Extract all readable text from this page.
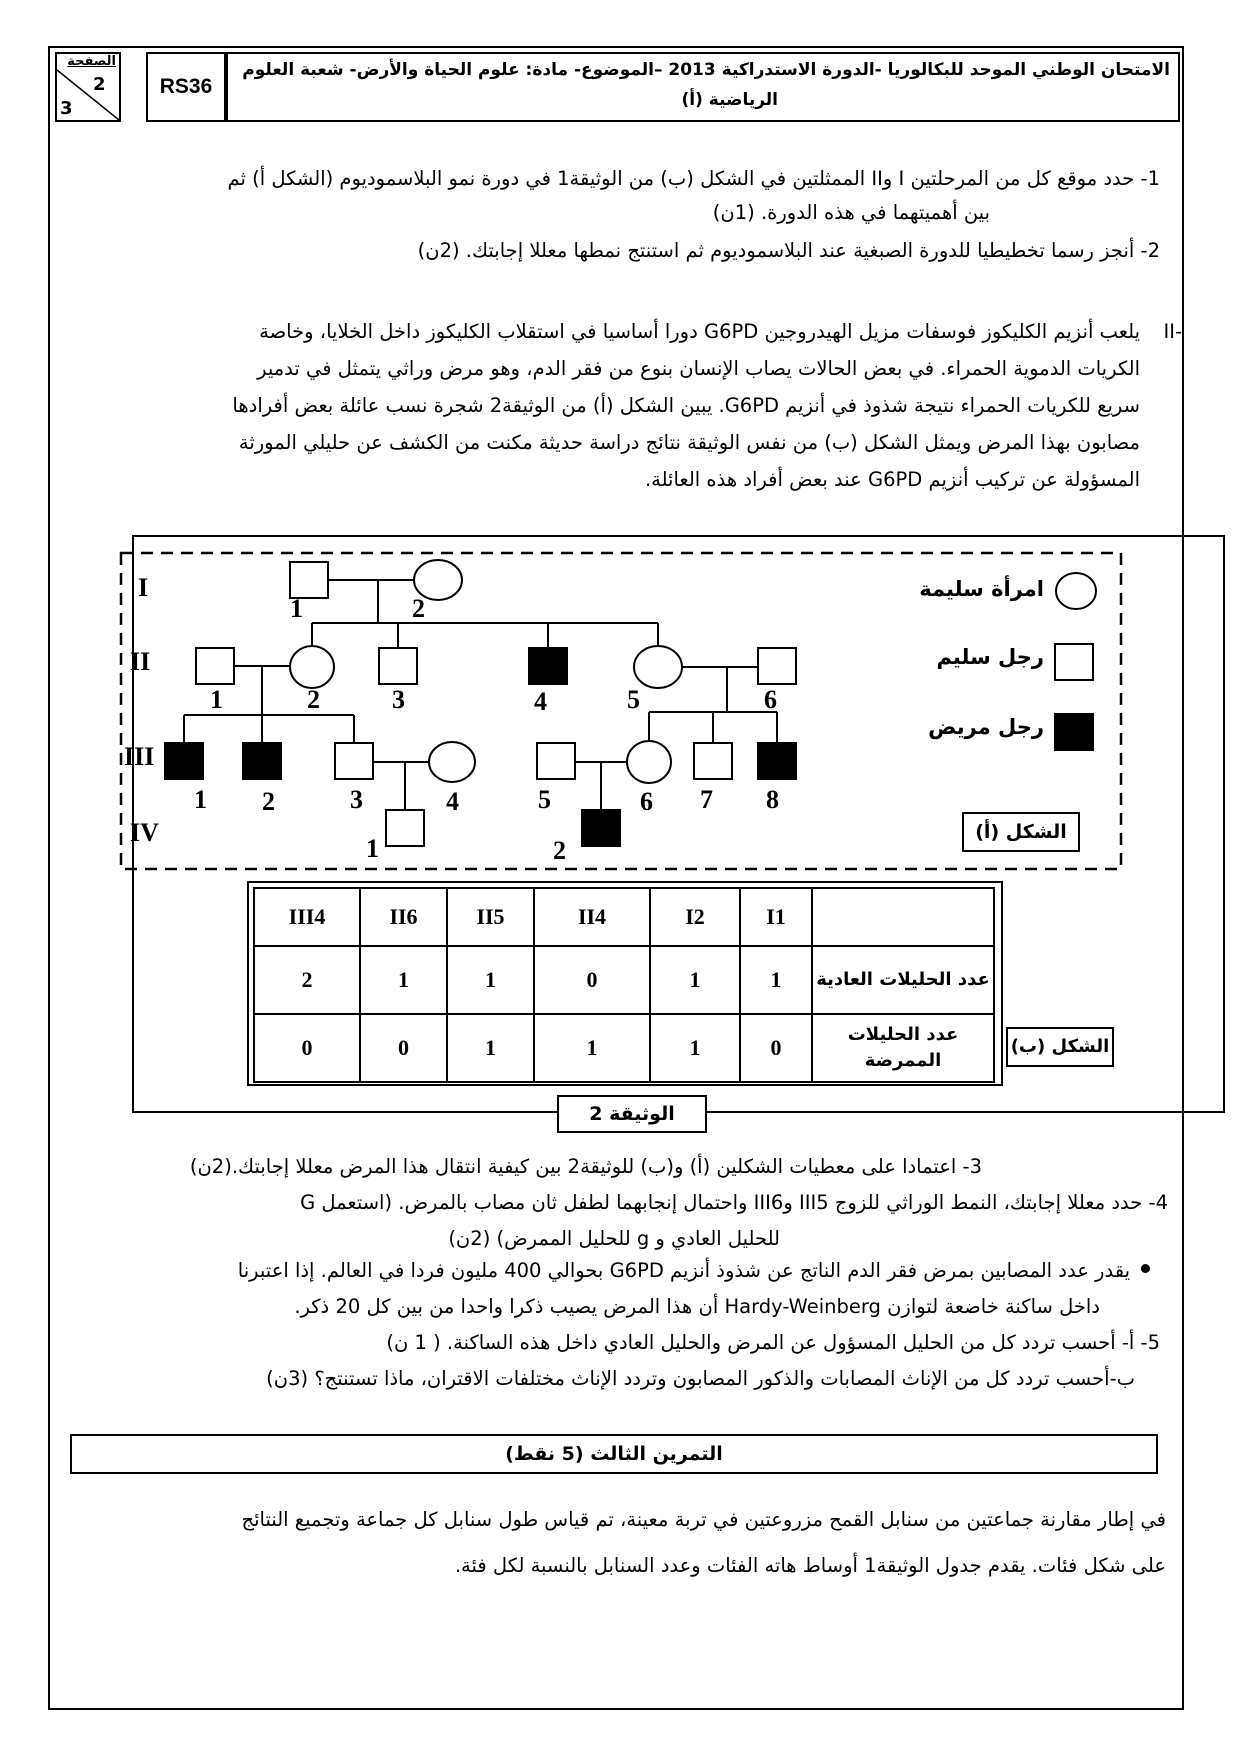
الصفحة
2
3
RS36
الامتحان الوطني الموحد للبكالوريا -الدورة الاستدراكية 2013 –الموضوع- مادة: علوم الحياة والأرض- شعبة العلوم
الرياضية (أ)
1- حدد موقع كل من المرحلتين I وII الممثلتين في الشكل (ب) من الوثيقة1 في دورة نمو البلاسموديوم (الشكل أ) ثم
بين أهميتهما في هذه الدورة. (1ن)
2- أنجز رسما تخطيطيا للدورة الصبغية عند البلاسموديوم ثم استنتج نمطها معللا إجابتك. (2ن)
II-
يلعب أنزيم الكليكوز فوسفات مزيل الهيدروجين G6PD دورا أساسيا في استقلاب الكليكوز داخل الخلايا، وخاصة
الكريات الدموية الحمراء. في بعض الحالات يصاب الإنسان بنوع من فقر الدم، وهو مرض وراثي يتمثل في تدمير
سريع للكريات الحمراء نتيجة شذوذ في أنزيم G6PD. يبين الشكل (أ) من الوثيقة2 شجرة نسب عائلة بعض أفرادها
مصابون بهذا المرض ويمثل الشكل (ب) من نفس الوثيقة نتائج دراسة حديثة مكنت من الكشف عن حليلي المورثة
المسؤولة عن تركيب أنزيم G6PD عند بعض أفراد هذه العائلة.
I
II
III
IV
1	2
1	2	3	4	5	6
1 2	3	4	5	6 7 8
1	2
امرأة سليمة
رجل سليم
رجل مريض
الشكل (أ)
III4	II6	II5	II4	I2	I1	
2	1	1	0	1	1	عدد الحليلات العادية
0	0	1	1	1	0	عدد الحليلات الممرضة
الشكل (ب)
الوثيقة 2
3- اعتمادا على معطيات الشكلين (أ) و(ب) للوثيقة2 بين كيفية انتقال هذا المرض معللا إجابتك.(2ن)
4- حدد معللا إجابتك، النمط الوراثي للزوج III5 وIII6 واحتمال إنجابهما لطفل ثان مصاب بالمرض. (استعمل G
للحليل العادي و g للحليل الممرض) (2ن)
يقدر عدد المصابين بمرض فقر الدم الناتج عن شذوذ أنزيم G6PD بحوالي 400 مليون فردا في العالم. إذا اعتبرنا
داخل ساكنة خاضعة لتوازن Hardy-Weinberg أن هذا المرض يصيب ذكرا واحدا من بين كل 20 ذكر.
5- أ- أحسب تردد كل من الحليل المسؤول عن المرض والحليل العادي داخل هذه الساكنة. ( 1 ن)
ب-أحسب تردد كل من الإناث المصابات والذكور المصابون وتردد الإناث مختلفات الاقتران، ماذا تستنتج؟ (3ن)
التمرين الثالث (5 نقط)
في إطار مقارنة جماعتين من سنابل القمح مزروعتين في تربة معينة، تم قياس طول سنابل كل جماعة وتجميع النتائج
على شكل فئات. يقدم جدول الوثيقة1 أوساط هاته الفئات وعدد السنابل بالنسبة لكل فئة.
